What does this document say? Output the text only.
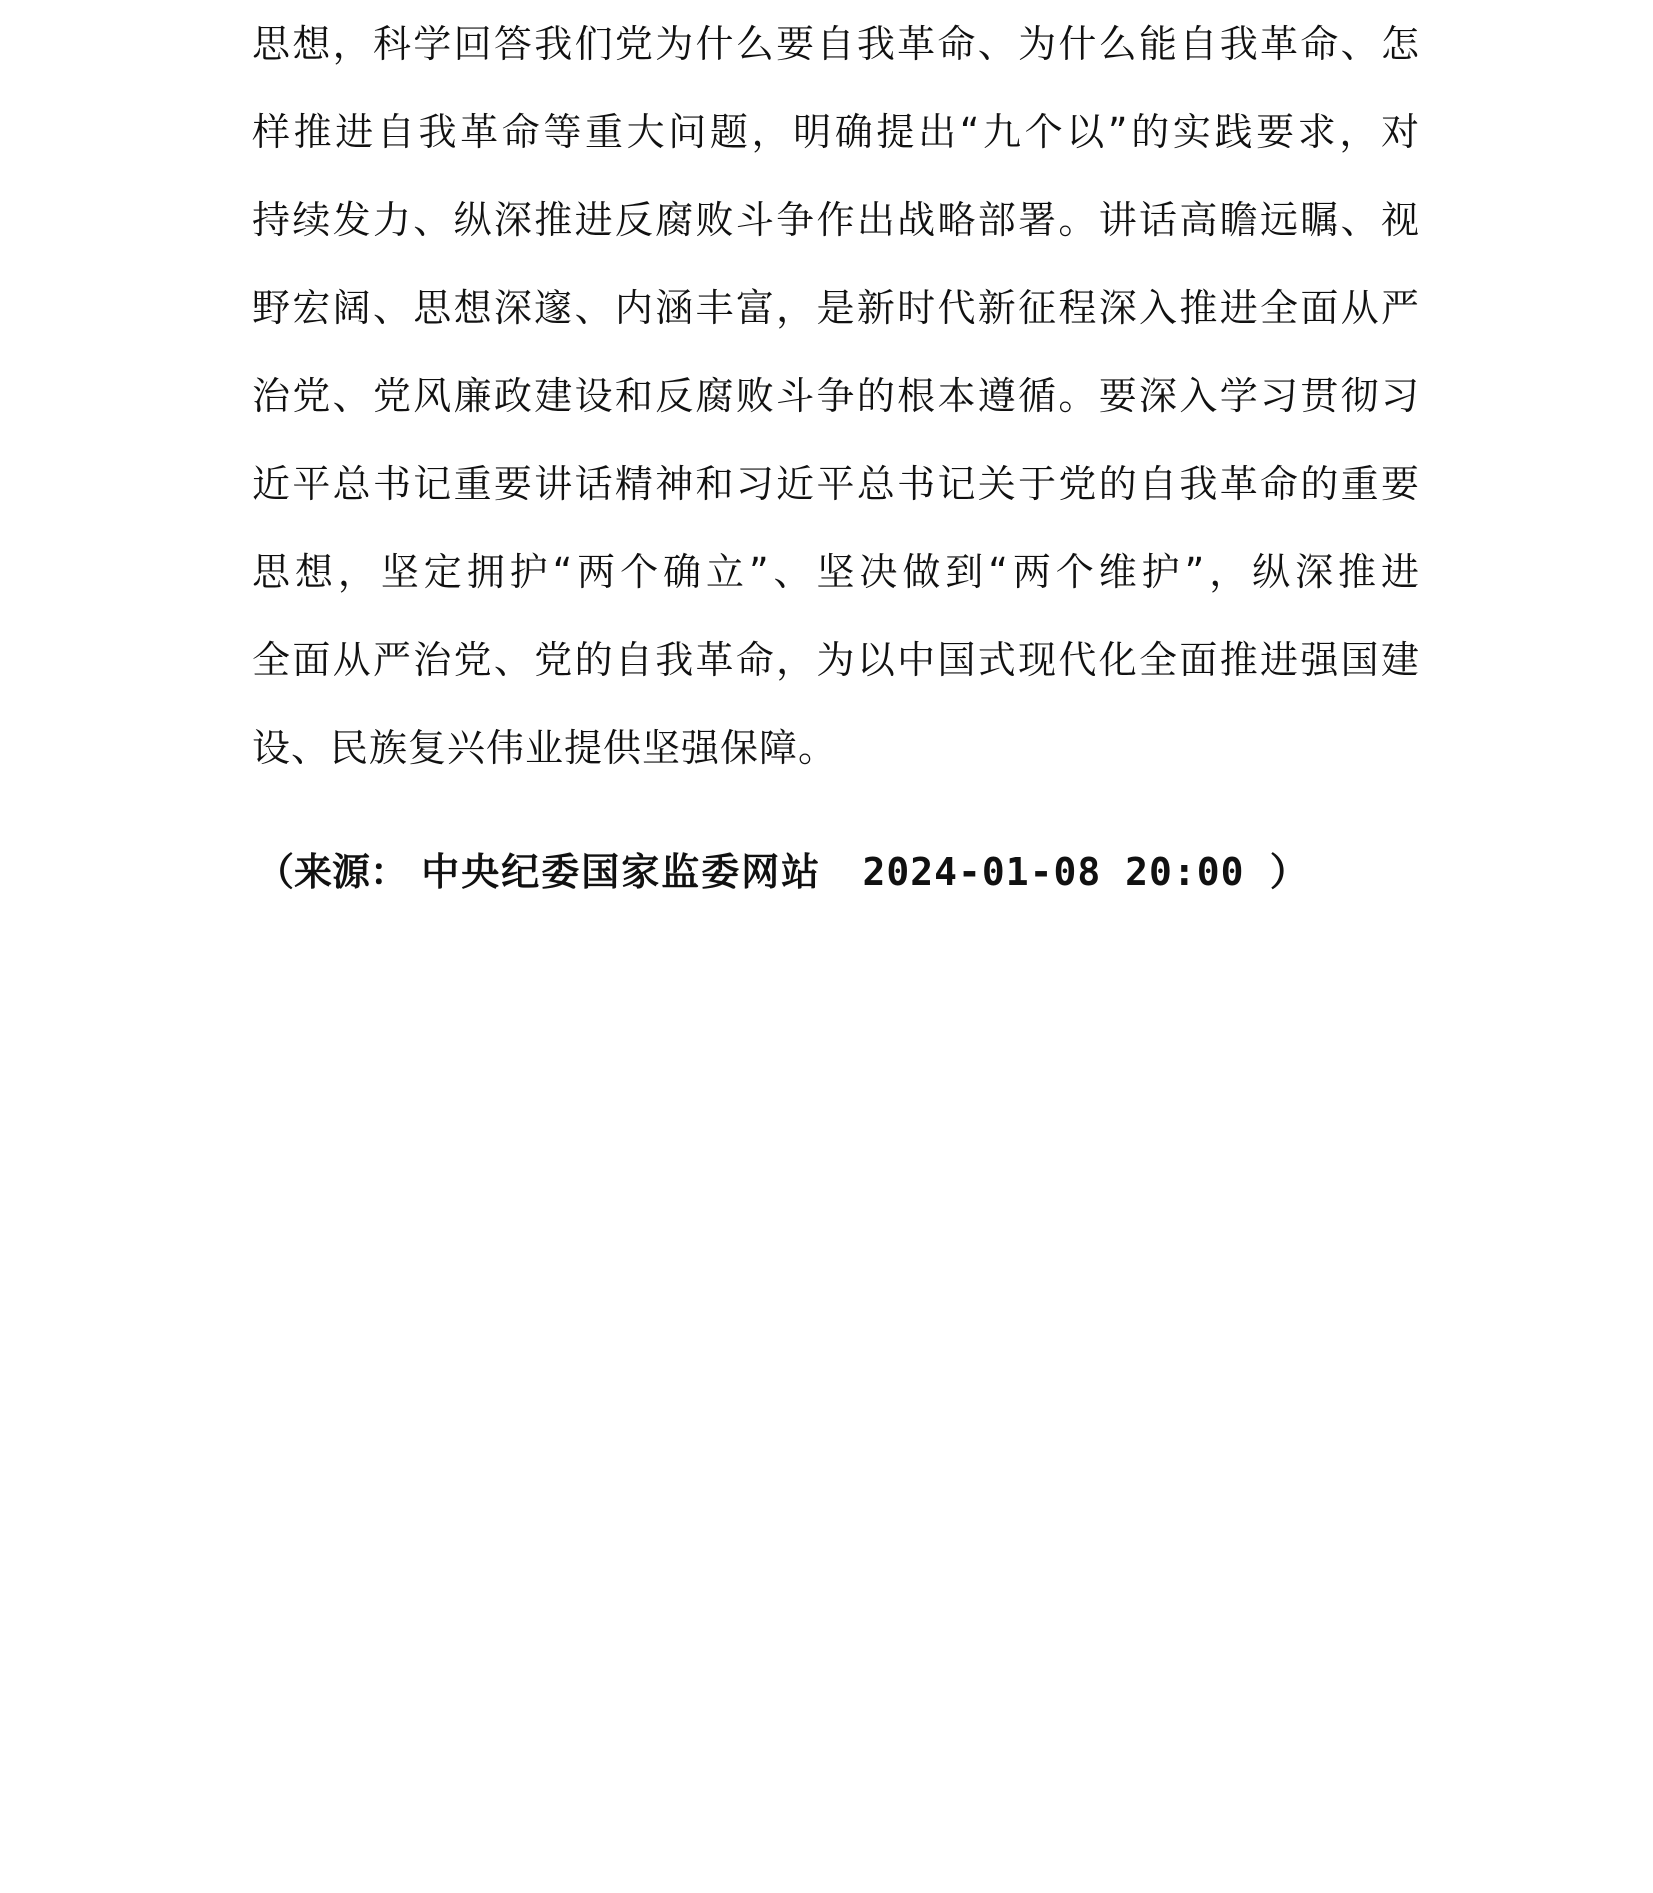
思想，科学回答我们党为什么要自我革命、为什么能自我革命、怎
样推进自我革命等重大问题，明确提出“九个以”的实践要求，对
持续发力、纵深推进反腐败斗争作出战略部署。讲话高瞻远瞩、视
野宏阔、思想深邃、内涵丰富，是新时代新征程深入推进全面从严
治党、党风廉政建设和反腐败斗争的根本遵循。要深入学习贯彻习
近平总书记重要讲话精神和习近平总书记关于党的自我革命的重要
思想，坚定拥护“两个确立”、坚决做到“两个维护”，纵深推进
全面从严治党、党的自我革命，为以中国式现代化全面推进强国建
设、民族复兴伟业提供坚强保障。
（来源： 中央纪委国家监委网站 2024-01-08 20:00 ）
